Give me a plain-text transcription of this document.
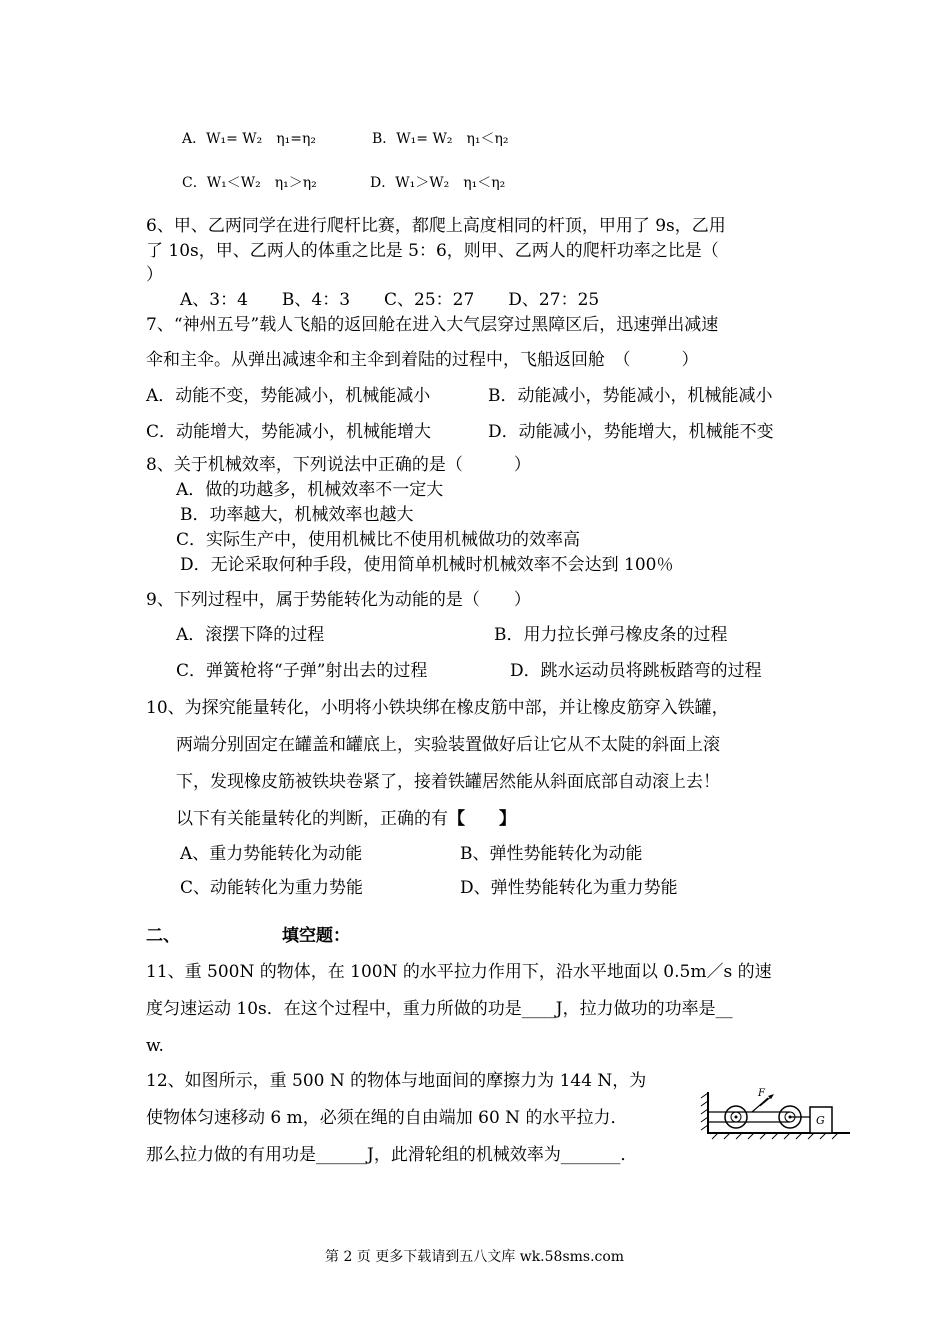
A．W₁= W₂　η₁=η₂	B．W₁= W₂　η₁＜η₂
C．W₁＜W₂　η₁＞η₂	D．W₁＞W₂　η₁＜η₂
6、甲、乙两同学在进行爬杆比赛，都爬上高度相同的杆顶，甲用了 9s，乙用
了 10s，甲、乙两人的体重之比是 5：6，则甲、乙两人的爬杆功率之比是（
）
A、3：4　　B、4：3　　C、25：27　　D、27：25
7、“神州五号”载人飞船的返回舱在进入大气层穿过黑障区后，迅速弹出减速
伞和主伞。从弹出减速伞和主伞到着陆的过程中，飞船返回舱　（　　　）
A．动能不变，势能减小，机械能减小	B．动能减小，势能减小，机械能减小
C．动能增大，势能减小，机械能增大	D．动能减小，势能增大，机械能不变
8、关于机械效率，下列说法中正确的是（　　　）
A．做的功越多，机械效率不一定大
B．功率越大，机械效率也越大
C．实际生产中，使用机械比不使用机械做功的效率高
D．无论采取何种手段，使用简单机械时机械效率不会达到 100％
9、下列过程中，属于势能转化为动能的是（　　）
A．滚摆下降的过程	B．用力拉长弹弓橡皮条的过程
C．弹簧枪将“子弹”射出去的过程	D．跳水运动员将跳板踏弯的过程
10、为探究能量转化，小明将小铁块绑在橡皮筋中部，并让橡皮筋穿入铁罐，
两端分别固定在罐盖和罐底上，实验装置做好后让它从不太陡的斜面上滚
下，发现橡皮筋被铁块卷紧了，接着铁罐居然能从斜面底部自动滚上去！
以下有关能量转化的判断，正确的有【　　】
A、重力势能转化为动能	B、弹性势能转化为动能
C、动能转化为重力势能	D、弹性势能转化为重力势能
二、	填空题：
11、重 500N 的物体，在 100N 的水平拉力作用下，沿水平地面以 0.5m／s 的速
度匀速运动 10s．在这个过程中，重力所做的功是____J，拉力做功的功率是__
w.
12、如图所示，重 500 N 的物体与地面间的摩擦力为 144 N，为
使物体匀速移动 6 m，必须在绳的自由端加 60 N 的水平拉力．
那么拉力做的有用功是______J，此滑轮组的机械效率为_______．
F
G
第 2 页 更多下载请到五八文库 wk.58sms.com
